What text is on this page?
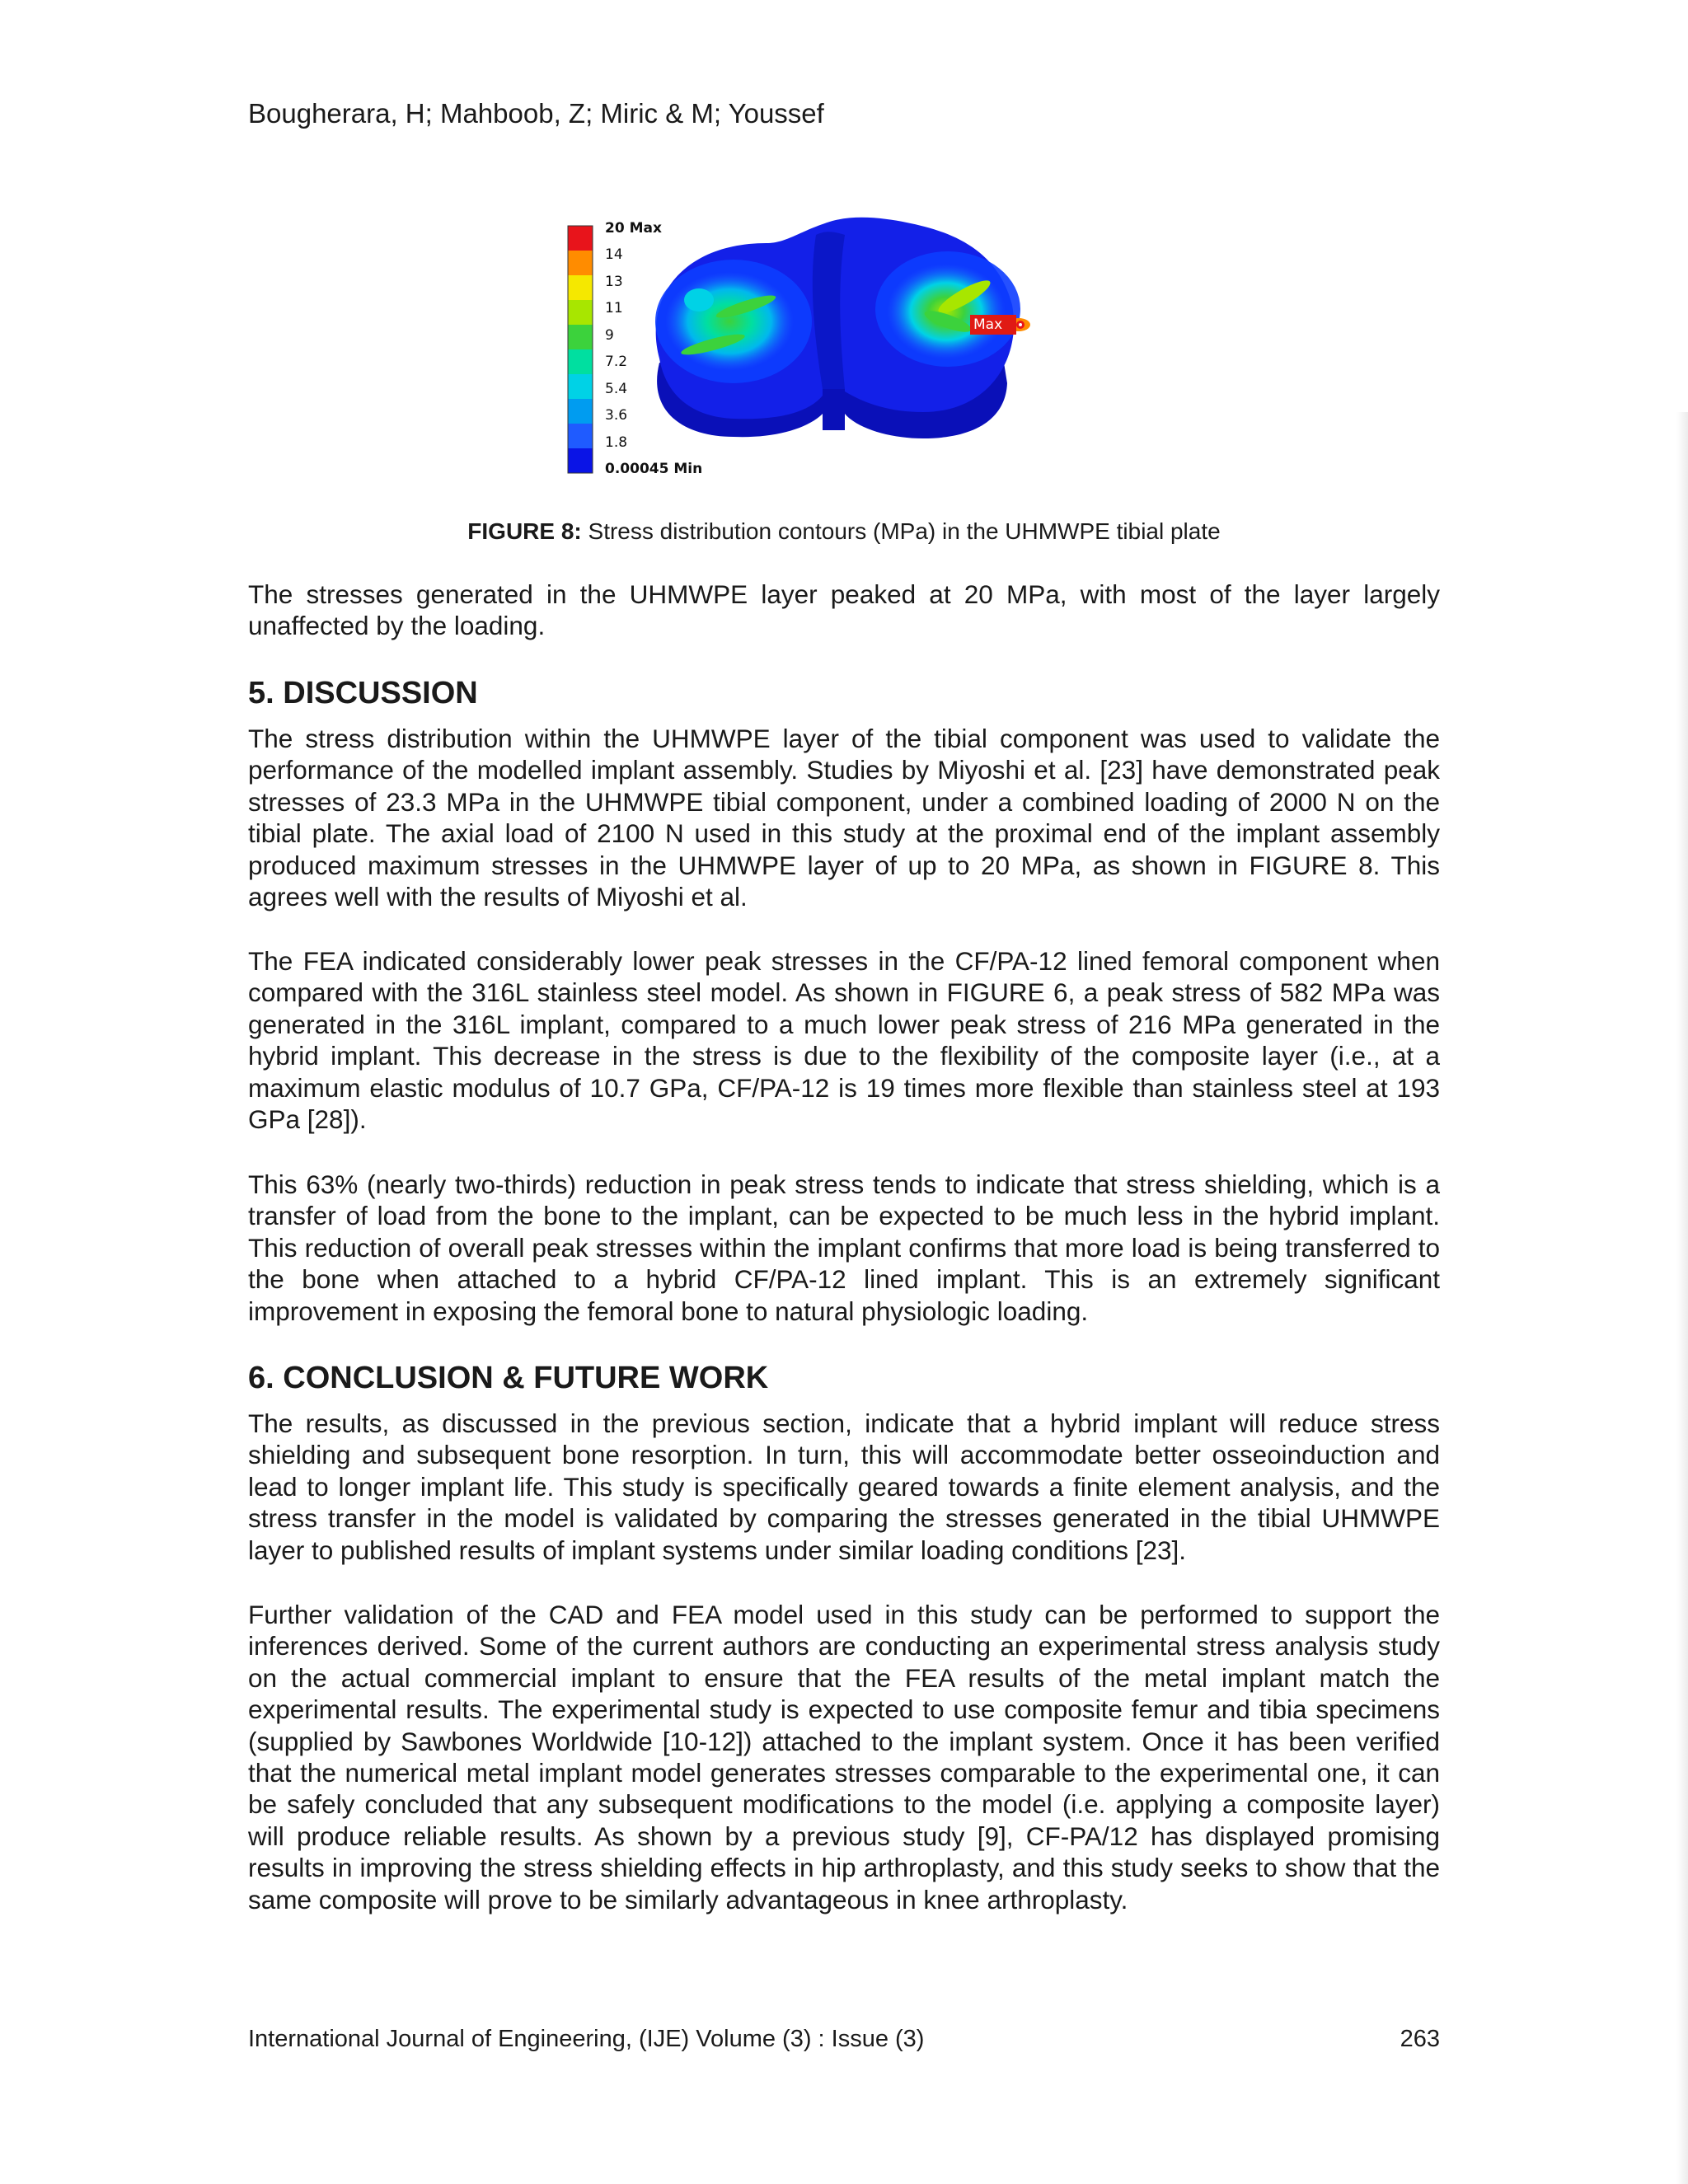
Bougherara, H; Mahboob, Z; Miric & M; Youssef
20 Max
14
13
11
9
7.2
5.4
3.6
1.8
0.00045 Min
Max
FIGURE 8: Stress distribution contours (MPa) in the UHMWPE tibial plate
The stresses generated in the UHMWPE layer peaked at 20 MPa, with most of the layer largely unaffected by the loading.
5. DISCUSSION
The stress distribution within the UHMWPE layer of the tibial component was used to validate the performance of the modelled implant assembly. Studies by Miyoshi et al. [23] have demonstrated peak stresses of 23.3 MPa in the UHMWPE tibial component, under a combined loading of 2000 N on the tibial plate. The axial load of 2100 N used in this study at the proximal end of the implant assembly produced maximum stresses in the UHMWPE layer of up to 20 MPa, as shown in FIGURE 8. This agrees well with the results of Miyoshi et al.
The FEA indicated considerably lower peak stresses in the CF/PA-12 lined femoral component when compared with the 316L stainless steel model. As shown in FIGURE 6, a peak stress of 582 MPa was generated in the 316L implant, compared to a much lower peak stress of 216 MPa generated in the hybrid implant. This decrease in the stress is due to the flexibility of the composite layer (i.e., at a maximum elastic modulus of 10.7 GPa, CF/PA-12 is 19 times more flexible than stainless steel at 193 GPa [28]).
This 63% (nearly two-thirds) reduction in peak stress tends to indicate that stress shielding, which is a transfer of load from the bone to the implant, can be expected to be much less in the hybrid implant. This reduction of overall peak stresses within the implant confirms that more load is being transferred to the bone when attached to a hybrid CF/PA-12 lined implant. This is an extremely significant improvement in exposing the femoral bone to natural physiologic loading.
6. CONCLUSION & FUTURE WORK
The results, as discussed in the previous section, indicate that a hybrid implant will reduce stress shielding and subsequent bone resorption. In turn, this will accommodate better osseoinduction and lead to longer implant life. This study is specifically geared towards a finite element analysis, and the stress transfer in the model is validated by comparing the stresses generated in the tibial UHMWPE layer to published results of implant systems under similar loading conditions [23].
Further validation of the CAD and FEA model used in this study can be performed to support the inferences derived. Some of the current authors are conducting an experimental stress analysis study on the actual commercial implant to ensure that the FEA results of the metal implant match the experimental results. The experimental study is expected to use composite femur and tibia specimens (supplied by Sawbones Worldwide [10-12]) attached to the implant system. Once it has been verified that the numerical metal implant model generates stresses comparable to the experimental one, it can be safely concluded that any subsequent modifications to the model (i.e. applying a composite layer) will produce reliable results. As shown by a previous study [9], CF-PA/12 has displayed promising results in improving the stress shielding effects in hip arthroplasty, and this study seeks to show that the same composite will prove to be similarly advantageous in knee arthroplasty.
International Journal of Engineering, (IJE) Volume (3) : Issue (3)	263
